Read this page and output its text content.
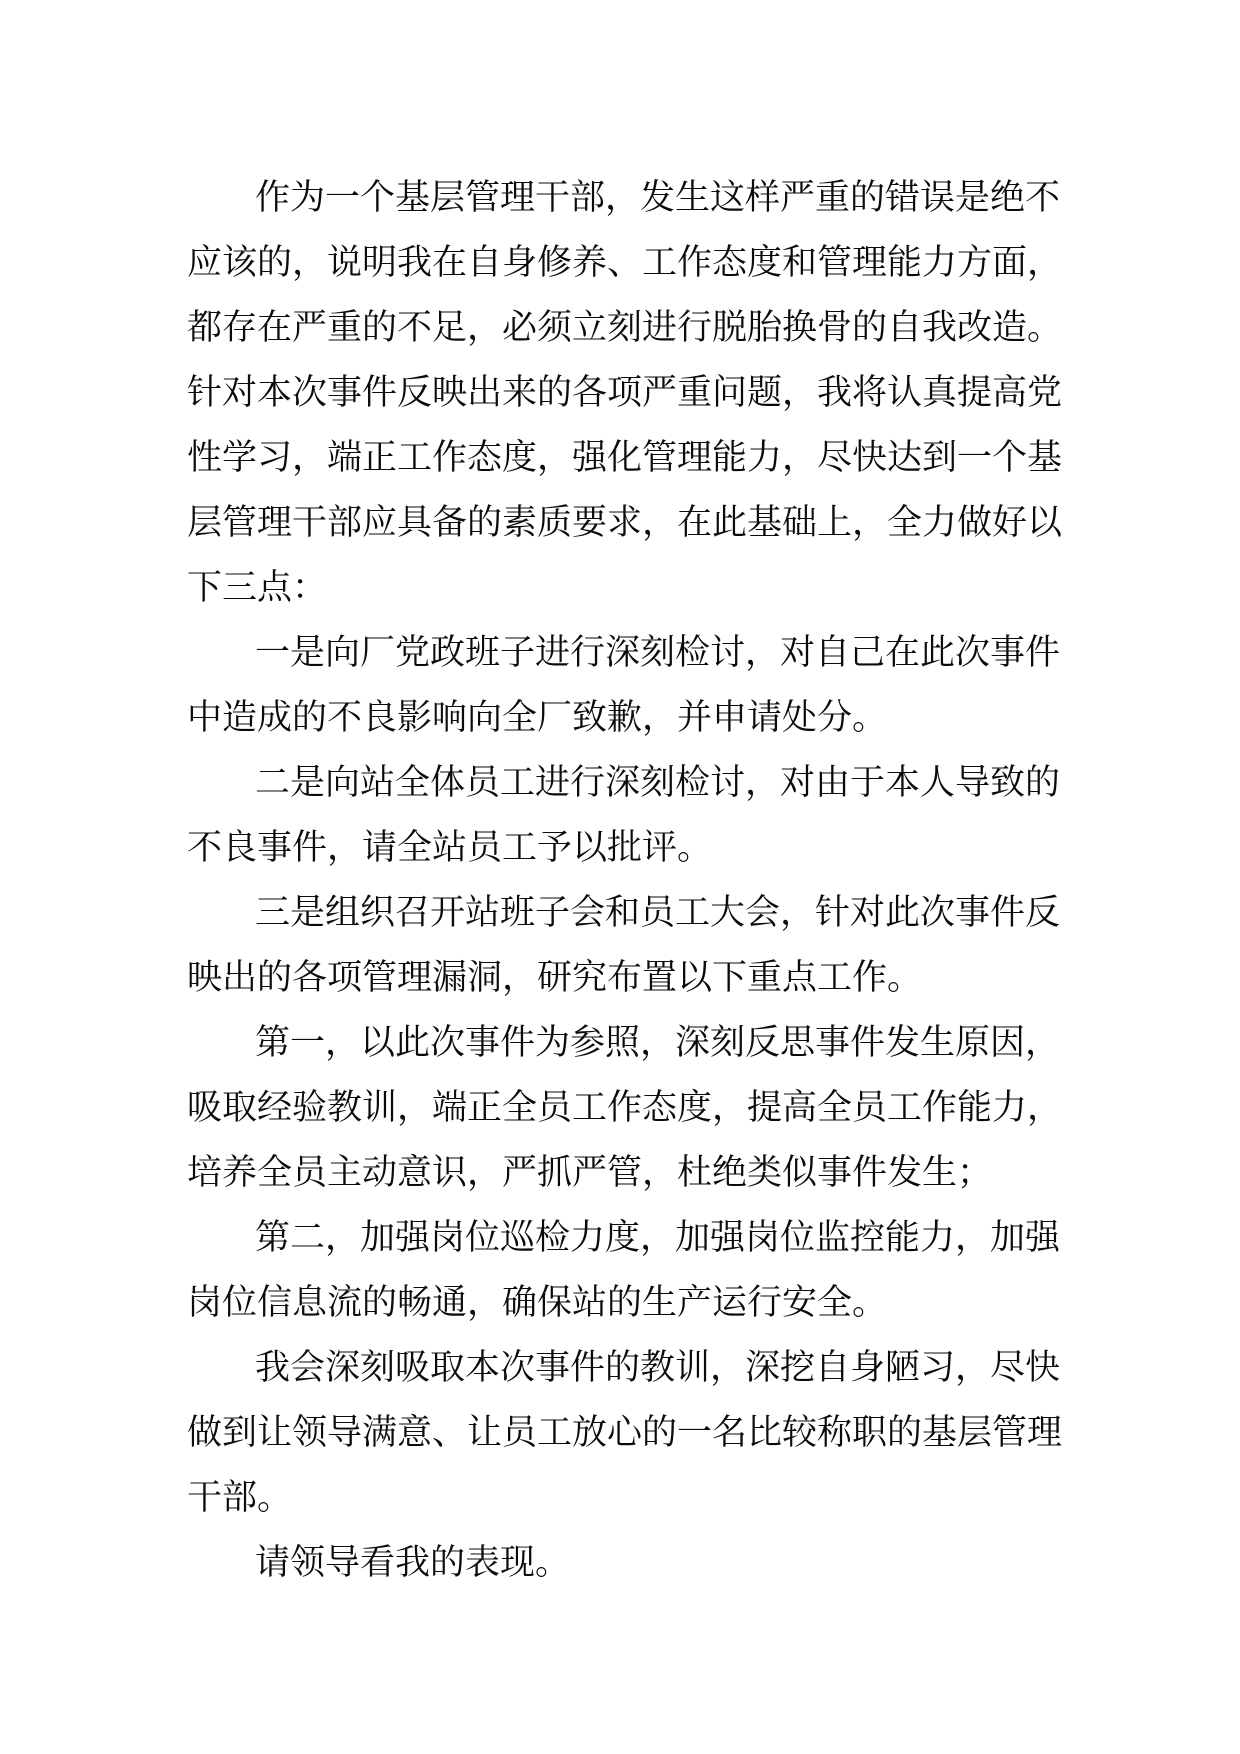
作为一个基层管理干部，发生这样严重的错误是绝不
应该的，说明我在自身修养、工作态度和管理能力方面，
都存在严重的不足，必须立刻进行脱胎换骨的自我改造。
针对本次事件反映出来的各项严重问题，我将认真提高党
性学习，端正工作态度，强化管理能力，尽快达到一个基
层管理干部应具备的素质要求，在此基础上，全力做好以
下三点：
一是向厂党政班子进行深刻检讨，对自己在此次事件
中造成的不良影响向全厂致歉，并申请处分。
二是向站全体员工进行深刻检讨，对由于本人导致的
不良事件，请全站员工予以批评。
三是组织召开站班子会和员工大会，针对此次事件反
映出的各项管理漏洞，研究布置以下重点工作。
第一，以此次事件为参照，深刻反思事件发生原因，
吸取经验教训，端正全员工作态度，提高全员工作能力，
培养全员主动意识，严抓严管，杜绝类似事件发生；
第二，加强岗位巡检力度，加强岗位监控能力，加强
岗位信息流的畅通，确保站的生产运行安全。
我会深刻吸取本次事件的教训，深挖自身陋习，尽快
做到让领导满意、让员工放心的一名比较称职的基层管理
干部。
请领导看我的表现。
